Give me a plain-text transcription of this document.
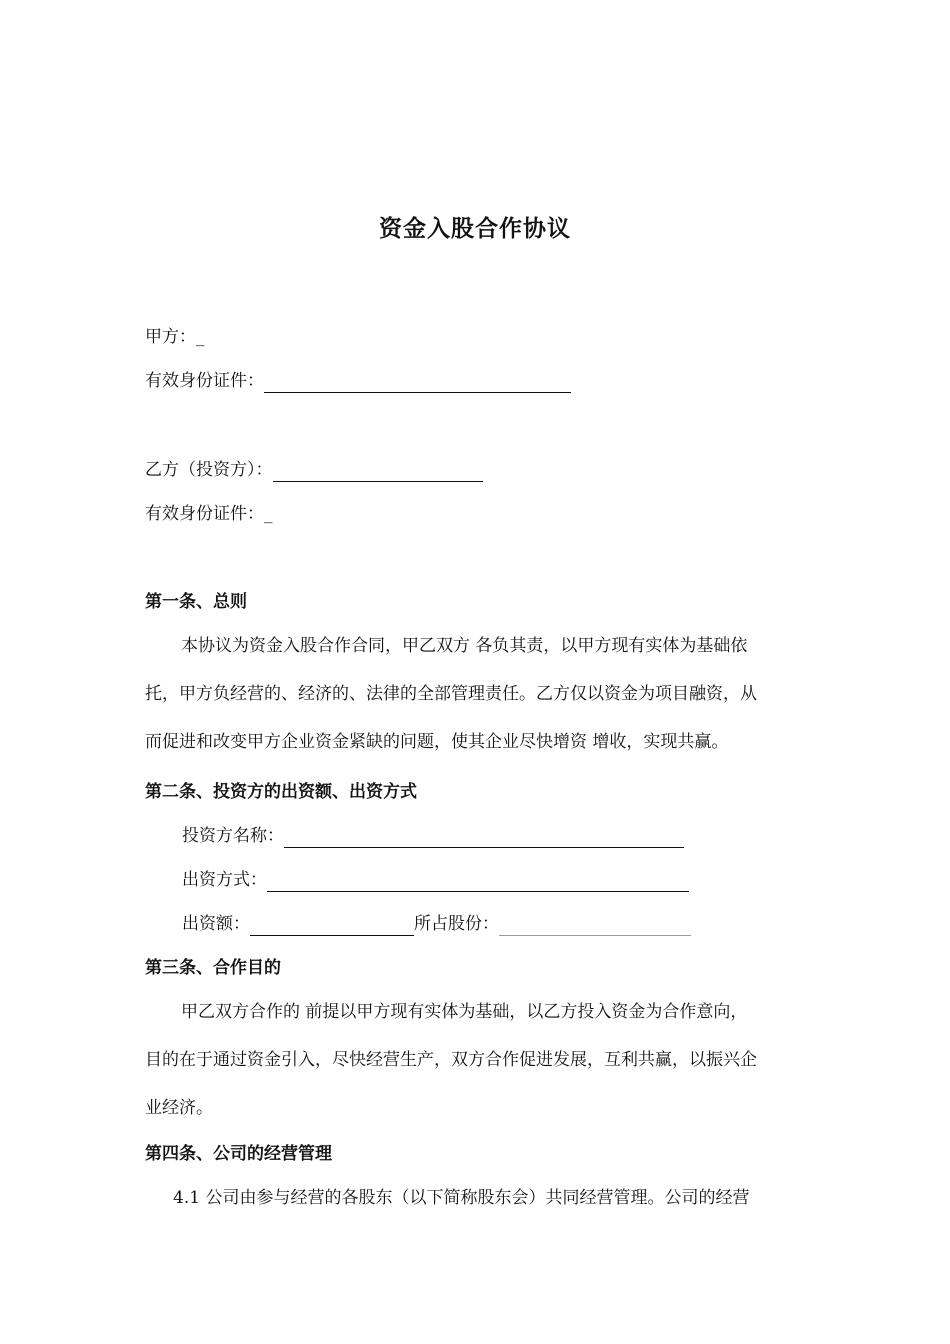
资金入股合作协议
甲方：_
有效身份证件：
乙方（投资方）：
有效身份证件：_
第一条、总则
本协议为资金入股合作合同，甲乙双方 各负其责，以甲方现有实体为基础依
托，甲方负经营的、经济的、法律的全部管理责任。乙方仅以资金为项目融资，从
而促进和改变甲方企业资金紧缺的问题，使其企业尽快增资 增收，实现共赢。
第二条、投资方的出资额、出资方式
投资方名称：
出资方式：
出资额：	所占股份：
第三条、合作目的
甲乙双方合作的 前提以甲方现有实体为基础，以乙方投入资金为合作意向，
目的在于通过资金引入，尽快经营生产，双方合作促进发展，互利共赢，以振兴企
业经济。
第四条、公司的经营管理
4.1 公司由参与经营的各股东（以下简称股东会）共同经营管理。公司的经营
